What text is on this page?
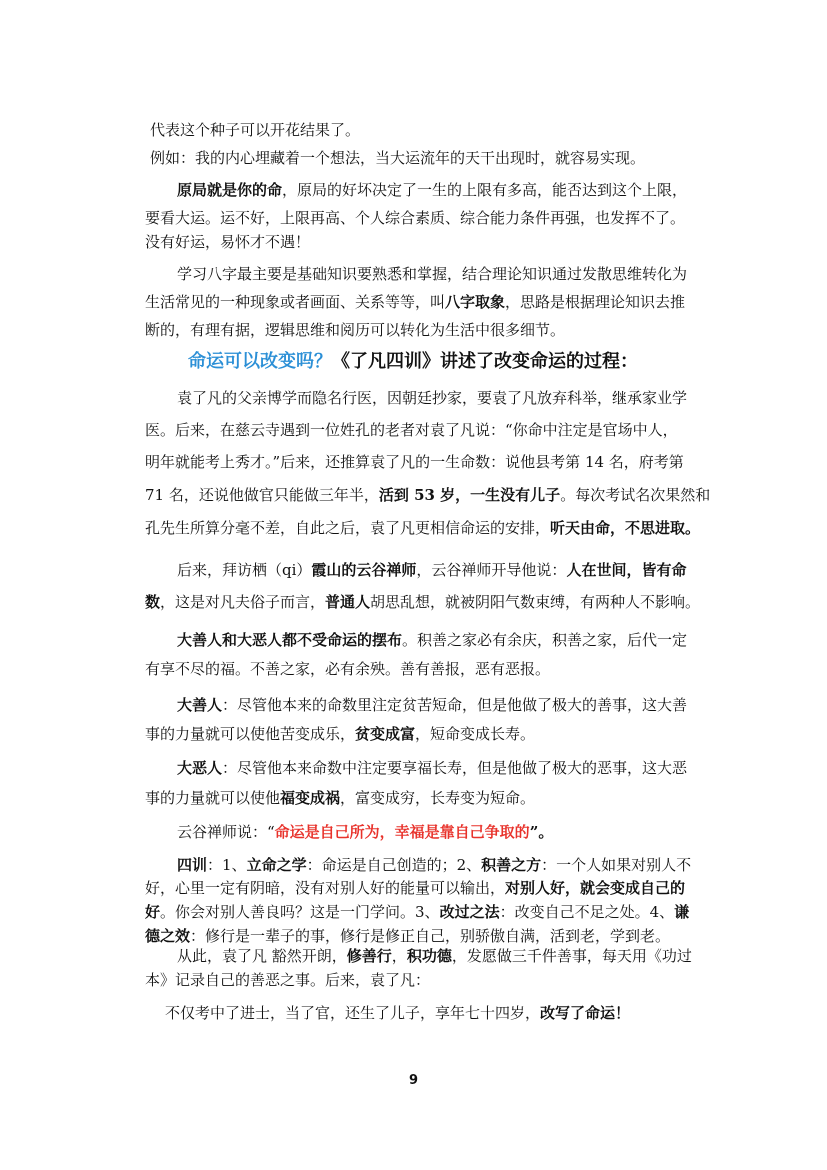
代表这个种子可以开花结果了。
例如：我的内心埋藏着一个想法，当大运流年的天干出现时，就容易实现。
原局就是你的命，原局的好坏决定了一生的上限有多高，能否达到这个上限，
要看大运。运不好，上限再高、个人综合素质、综合能力条件再强，也发挥不了。
没有好运，易怀才不遇！
学习八字最主要是基础知识要熟悉和掌握，结合理论知识通过发散思维转化为
生活常见的一种现象或者画面、关系等等，叫八字取象，思路是根据理论知识去推
断的，有理有据，逻辑思维和阅历可以转化为生活中很多细节。
命运可以改变吗？《了凡四训》讲述了改变命运的过程：
袁了凡的父亲博学而隐名行医，因朝廷抄家，要袁了凡放弃科举，继承家业学
医。后来，在慈云寺遇到一位姓孔的老者对袁了凡说：“你命中注定是官场中人，
明年就能考上秀才。”后来，还推算袁了凡的一生命数：说他县考第 14 名，府考第
71 名，还说他做官只能做三年半，活到 53 岁，一生没有儿子。每次考试名次果然和
孔先生所算分毫不差，自此之后，袁了凡更相信命运的安排，听天由命，不思进取。
后来，拜访栖（qi）霞山的云谷禅师，云谷禅师开导他说：人在世间，皆有命
数，这是对凡夫俗子而言，普通人胡思乱想，就被阴阳气数束缚，有两种人不影响。
大善人和大恶人都不受命运的摆布。积善之家必有余庆，积善之家，后代一定
有享不尽的福。不善之家，必有余殃。善有善报，恶有恶报。
大善人：尽管他本来的命数里注定贫苦短命，但是他做了极大的善事，这大善
事的力量就可以使他苦变成乐，贫变成富，短命变成长寿。
大恶人：尽管他本来命数中注定要享福长寿，但是他做了极大的恶事，这大恶
事的力量就可以使他福变成祸，富变成穷，长寿变为短命。
云谷禅师说：“命运是自己所为，幸福是靠自己争取的”。
四训：1、立命之学：命运是自己创造的；2、积善之方：一个人如果对别人不
好，心里一定有阴暗，没有对别人好的能量可以输出，对别人好，就会变成自己的
好。你会对别人善良吗？这是一门学问。3、改过之法：改变自己不足之处。4、谦
德之效：修行是一辈子的事，修行是修正自己，别骄傲自满，活到老，学到老。
从此，袁了凡 豁然开朗，修善行，积功德，发愿做三千件善事，每天用《功过
本》记录自己的善恶之事。后来，袁了凡：
不仅考中了进士，当了官，还生了儿子，享年七十四岁，改写了命运！
9
